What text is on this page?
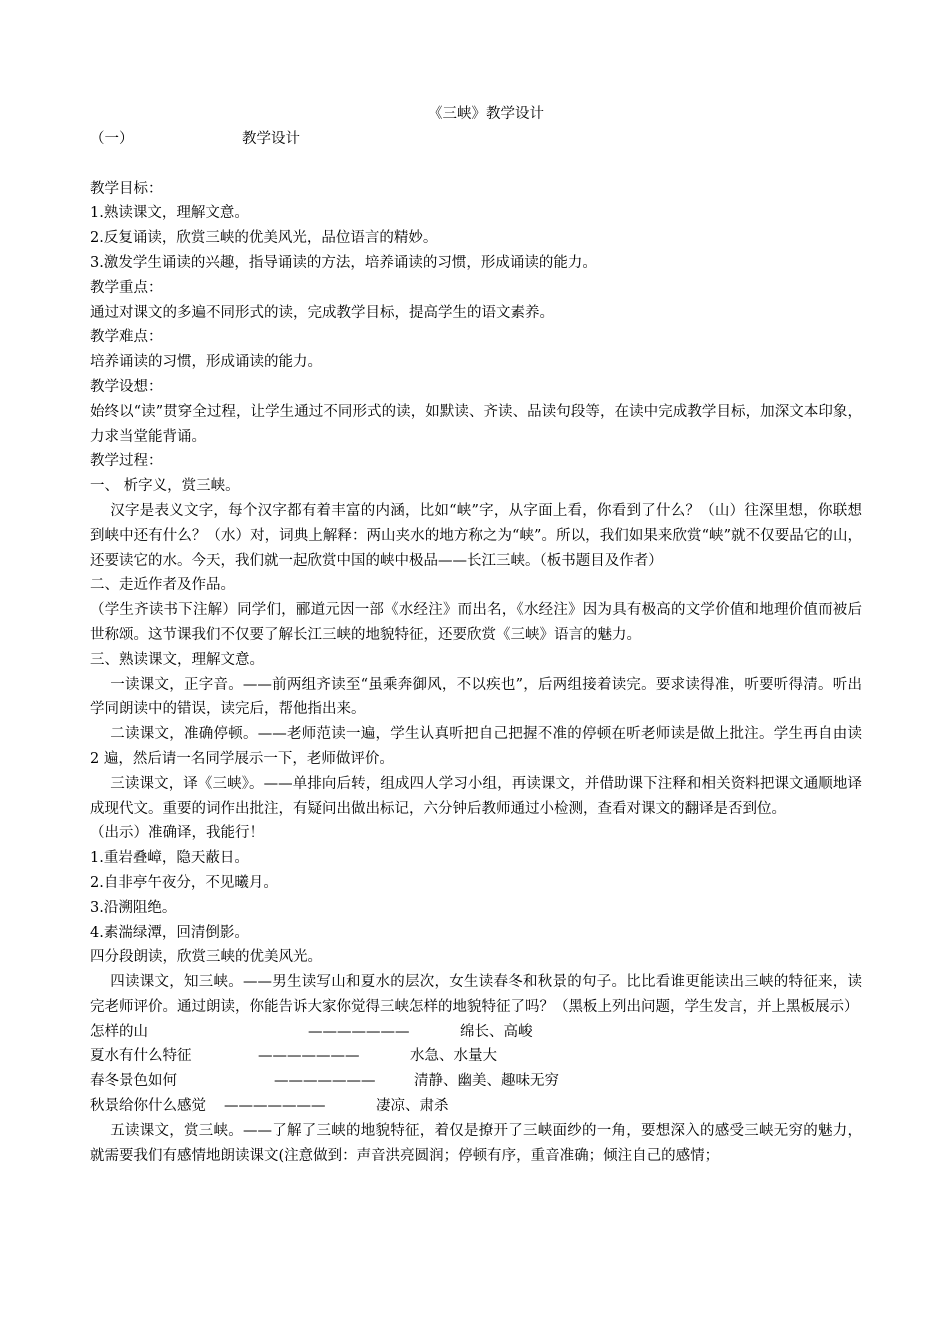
《三峡》教学设计
（一）	教学设计

教学目标：

1.熟读课文，理解文意。

2.反复诵读，欣赏三峡的优美风光，品位语言的精妙。

3.激发学生诵读的兴趣，指导诵读的方法，培养诵读的习惯，形成诵读的能力。

教学重点：

通过对课文的多遍不同形式的读，完成教学目标，提高学生的语文素养。

教学难点：

培养诵读的习惯，形成诵读的能力。

教学设想：

始终以“读”贯穿全过程，让学生通过不同形式的读，如默读、齐读、品读句段等，在读中完成教学目标，加深文本印象，力求当堂能背诵。

教学过程：

一、 析字义，赏三峡。

汉字是表义文字，每个汉字都有着丰富的内涵，比如“峡”字，从字面上看，你看到了什么？（山）往深里想，你联想到峡中还有什么？（水）对，词典上解释：两山夹水的地方称之为“峡”。所以，我们如果来欣赏“峡”就不仅要品它的山，还要读它的水。今天，我们就一起欣赏中国的峡中极品——长江三峡。（板书题目及作者）

二、走近作者及作品。

（学生齐读书下注解）同学们，郦道元因一部《水经注》而出名，《水经注》因为具有极高的文学价值和地理价值而被后世称颂。这节课我们不仅要了解长江三峡的地貌特征，还要欣赏《三峡》语言的魅力。

三、熟读课文，理解文意。

一读课文，正字音。——前两组齐读至“虽乘奔御风，不以疾也”，后两组接着读完。要求读得准，听要听得清。听出学同朗读中的错误，读完后，帮他指出来。

二读课文，准确停顿。——老师范读一遍，学生认真听把自己把握不准的停顿在听老师读是做上批注。学生再自由读 2 遍，然后请一名同学展示一下，老师做评价。

三读课文，译《三峡》。——单排向后转，组成四人学习小组，再读课文，并借助课下注释和相关资料把课文通顺地译成现代文。重要的词作出批注，有疑问出做出标记，六分钟后教师通过小检测，查看对课文的翻译是否到位。

（出示）准确译，我能行！

1.重岩叠嶂，隐天蔽日。

2.自非亭午夜分，不见曦月。

3.沿溯阻绝。

4.素湍绿潭，回清倒影。

四分段朗读，欣赏三峡的优美风光。

四读课文，知三峡。——男生读写山和夏水的层次，女生读春冬和秋景的句子。比比看谁更能读出三峡的特征来，读完老师评价。通过朗读，你能告诉大家你觉得三峡怎样的地貌特征了吗？（黑板上列出问题，学生发言，并上黑板展示）

怎样的山	———————	绵长、高峻
夏水有什么特征	———————	水急、水量大
春冬景色如何	———————	清静、幽美、趣味无穷
秋景给你什么感觉	———————	凄凉、肃杀

五读课文，赏三峡。——了解了三峡的地貌特征，着仅是撩开了三峡面纱的一角，要想深入的感受三峡无穷的魅力，就需要我们有感情地朗读课文(注意做到：声音洪亮圆润；停顿有序，重音准确；倾注自己的感情；
